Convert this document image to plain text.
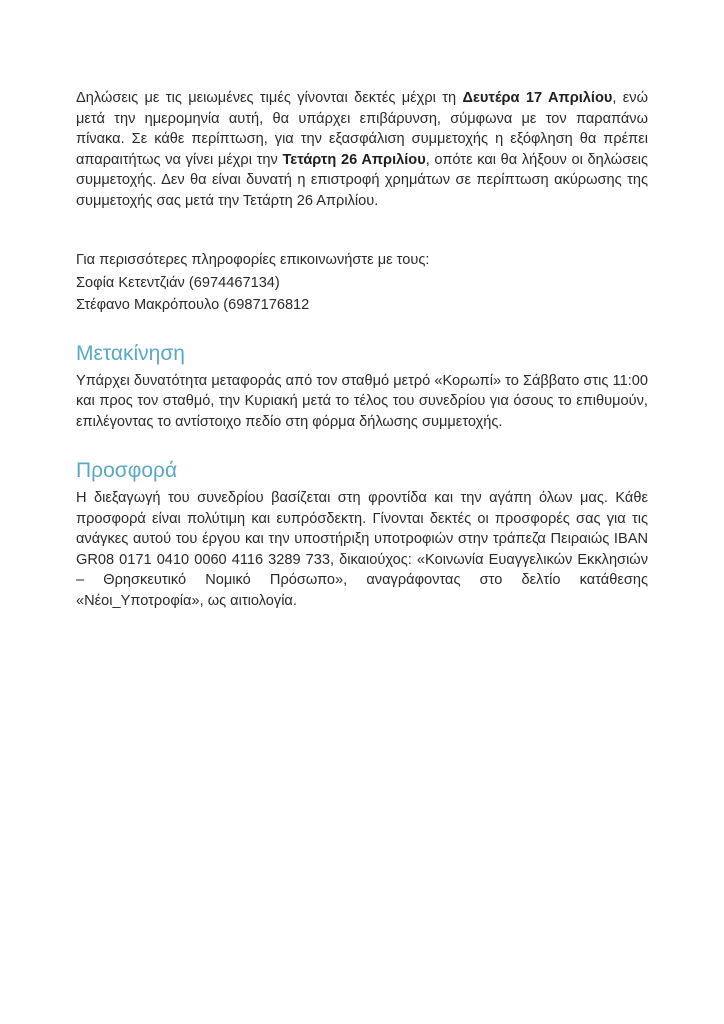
Δηλώσεις με τις μειωμένες τιμές γίνονται δεκτές μέχρι τη Δευτέρα 17 Απριλίου, ενώ μετά την ημερομηνία αυτή, θα υπάρχει επιβάρυνση, σύμφωνα με τον παραπάνω πίνακα. Σε κάθε περίπτωση, για την εξασφάλιση συμμετοχής η εξόφληση θα πρέπει απαραιτήτως να γίνει μέχρι την Τετάρτη 26 Απριλίου, οπότε και θα λήξουν οι δηλώσεις συμμετοχής. Δεν θα είναι δυνατή η επιστροφή χρημάτων σε περίπτωση ακύρωσης της συμμετοχής σας μετά την Τετάρτη 26 Απριλίου.

Για περισσότερες πληροφορίες επικοινωνήστε με τους:

Σοφία Κετεντζιάν (6974467134)

Στέφανο Μακρόπουλο (6987176812

Μετακίνηση

Υπάρχει δυνατότητα μεταφοράς από τον σταθμό μετρό «Κορωπί» το Σάββατο στις 11:00 και προς τον σταθμό, την Κυριακή μετά το τέλος του συνεδρίου για όσους το επιθυμούν, επιλέγοντας το αντίστοιχο πεδίο στη φόρμα δήλωσης συμμετοχής.

Προσφορά

Η διεξαγωγή του συνεδρίου βασίζεται στη φροντίδα και την αγάπη όλων μας. Κάθε προσφορά είναι πολύτιμη και ευπρόσδεκτη. Γίνονται δεκτές οι προσφορές σας για τις ανάγκες αυτού του έργου και την υποστήριξη υποτροφιών στην τράπεζα Πειραιώς IBAN GR08 0171 0410 0060 4116 3289 733, δικαιούχος: «Κοινωνία Ευαγγελικών Εκκλησιών – Θρησκευτικό Νομικό Πρόσωπο», αναγράφοντας στο δελτίο κατάθεσης «Νέοι_Υποτροφία», ως αιτιολογία.
